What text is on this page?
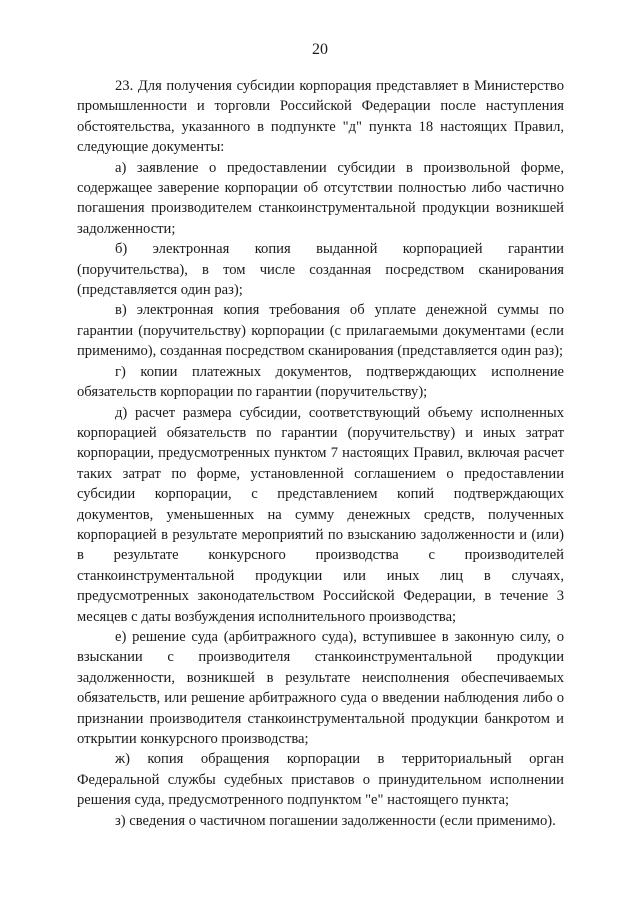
20

23. Для получения субсидии корпорация представляет в Министерство промышленности и торговли Российской Федерации после наступления обстоятельства, указанного в подпункте "д" пункта 18 настоящих Правил, следующие документы:

а) заявление о предоставлении субсидии в произвольной форме, содержащее заверение корпорации об отсутствии полностью либо частично погашения производителем станкоинструментальной продукции возникшей задолженности;

б) электронная копия выданной корпорацией гарантии (поручительства), в том числе созданная посредством сканирования (представляется один раз);

в) электронная копия требования об уплате денежной суммы по гарантии (поручительству) корпорации (с прилагаемыми документами (если применимо), созданная посредством сканирования (представляется один раз);

г) копии платежных документов, подтверждающих исполнение обязательств корпорации по гарантии (поручительству);

д) расчет размера субсидии, соответствующий объему исполненных корпорацией обязательств по гарантии (поручительству) и иных затрат корпорации, предусмотренных пунктом 7 настоящих Правил, включая расчет таких затрат по форме, установленной соглашением о предоставлении субсидии корпорации, с представлением копий подтверждающих документов, уменьшенных на сумму денежных средств, полученных корпорацией в результате мероприятий по взысканию задолженности и (или) в результате конкурсного производства с производителей станкоинструментальной продукции или иных лиц в случаях, предусмотренных законодательством Российской Федерации, в течение 3 месяцев с даты возбуждения исполнительного производства;

е) решение суда (арбитражного суда), вступившее в законную силу, о взыскании с производителя станкоинструментальной продукции задолженности, возникшей в результате неисполнения обеспечиваемых обязательств, или решение арбитражного суда о введении наблюдения либо о признании производителя станкоинструментальной продукции банкротом и открытии конкурсного производства;

ж) копия обращения корпорации в территориальный орган Федеральной службы судебных приставов о принудительном исполнении решения суда, предусмотренного подпунктом "е" настоящего пункта;

з) сведения о частичном погашении задолженности (если применимо).
